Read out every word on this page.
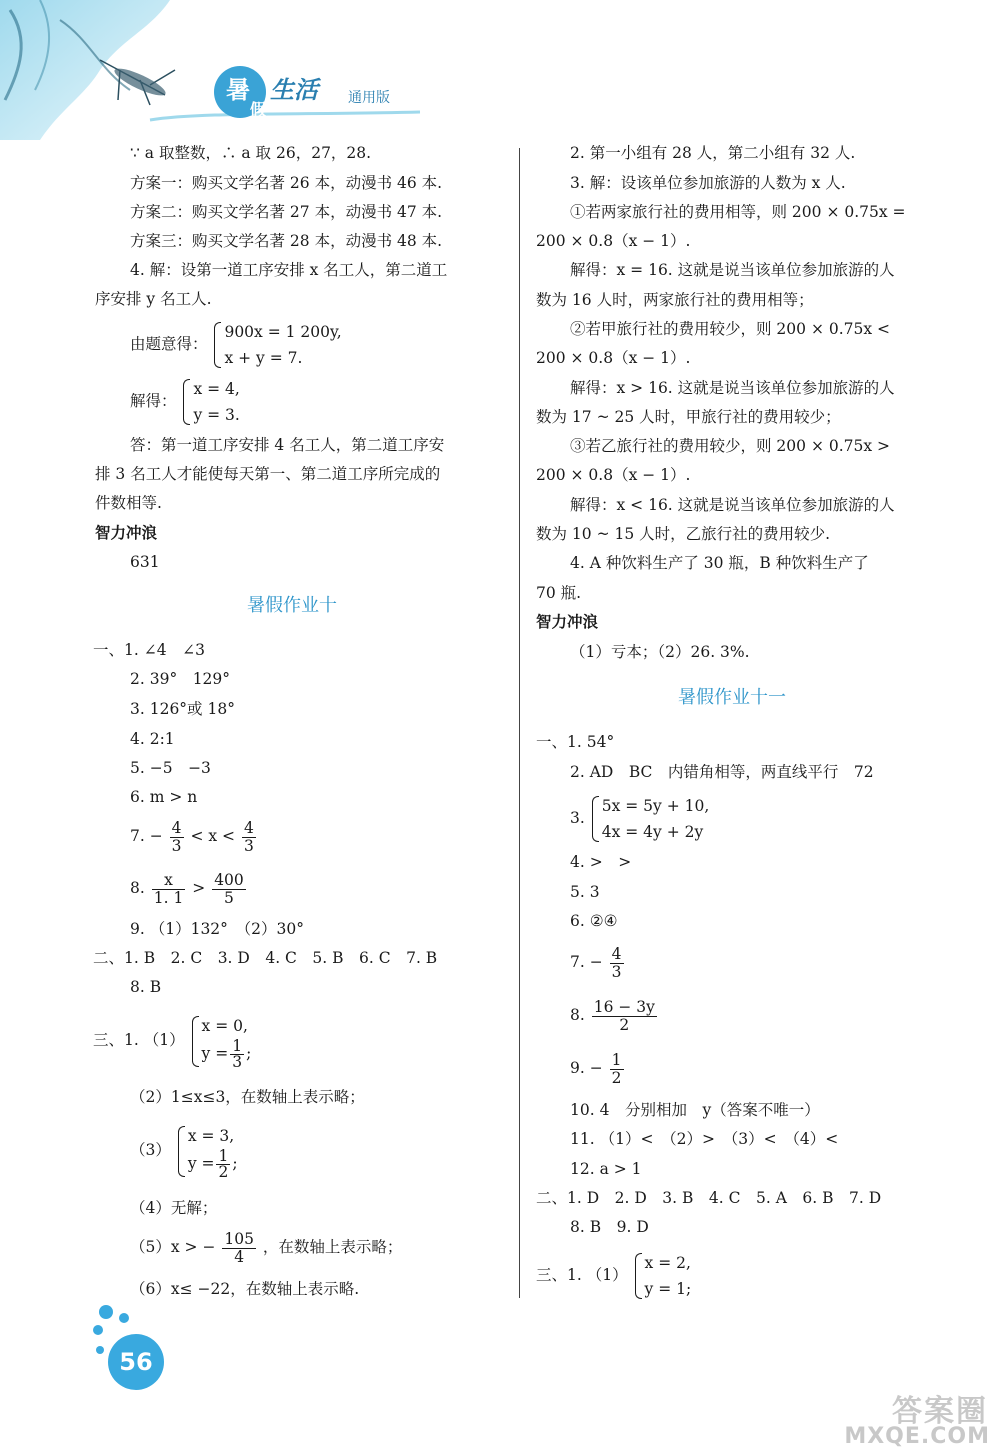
暑
假
生活 通用版
∵ a 取整数，∴ a 取 26，27，28.
方案一：购买文学名著 26 本，动漫书 46 本.
方案二：购买文学名著 27 本，动漫书 47 本.
方案三：购买文学名著 28 本，动漫书 48 本.
4. 解：设第一道工序安排 x 名工人，第二道工
序安排 y 名工人.
由题意得：
900x = 1 200y,
x + y = 7.
解得：
x = 4,
y = 3.
答：第一道工序安排 4 名工人，第二道工序安
排 3 名工人才能使每天第一、第二道工序所完成的
件数相等.
智力冲浪
631
暑假作业十
一、1. ∠4　∠3
2. 39°　129°
3. 126°或 18°
4. 2:1
5. −5　−3
6. m > n
7. − $\frac{4}{3} < x < \frac{4}{3}$
8. $\frac{x}{1. 1} > \frac{400}{5}$
9. （1）132°　（2）30°
二、1. B　2. C　3. D　4. C　5. B　6. C　7. B
8. B
三、1. （1）
x = 0,
$y = \frac{1}{3}$ ;
（2）1≤x≤3，在数轴上表示略；
（3）
x = 3,
$y = \frac{1}{2}$ ;
（4）无解；
（5）x > − $\frac{105}{4}$ ，在数轴上表示略；
（6）x≤ −22，在数轴上表示略.
2. 第一小组有 28 人，第二小组有 32 人.
3. 解：设该单位参加旅游的人数为 x 人.
①若两家旅行社的费用相等，则 200 × 0.75x =
200 × 0.8（x − 1）.
解得：x = 16. 这就是说当该单位参加旅游的人
数为 16 人时，两家旅行社的费用相等；
②若甲旅行社的费用较少，则 200 × 0.75x <
200 × 0.8（x − 1）.
解得：x > 16. 这就是说当该单位参加旅游的人
数为 17 ~ 25 人时，甲旅行社的费用较少；
③若乙旅行社的费用较少，则 200 × 0.75x >
200 × 0.8（x − 1）.
解得：x < 16. 这就是说当该单位参加旅游的人
数为 10 ~ 15 人时，乙旅行社的费用较少.
4. A 种饮料生产了 30 瓶，B 种饮料生产了
70 瓶.
智力冲浪
（1）亏本；（2）26. 3%.
暑假作业十一
一、1. 54°
2. AD　BC　内错角相等，两直线平行　72
3.
5x = 5y + 10,
4x = 4y + 2y
4. >　>
5. 3
6. ②④
7. − $\frac{4}{3}$
8. $\frac{16 - 3y}{2}$
9. − $\frac{1}{2}$
10. 4　分别相加　y（答案不唯一）
11. （1）<　（2）>　（3）<　（4）<
12. a > 1
二、1. D　2. D　3. B　4. C　5. A　6. B　7. D
8. B　9. D
三、1. （1）
x = 2,
y = 1;
56
答案圈
MXQE.COM
